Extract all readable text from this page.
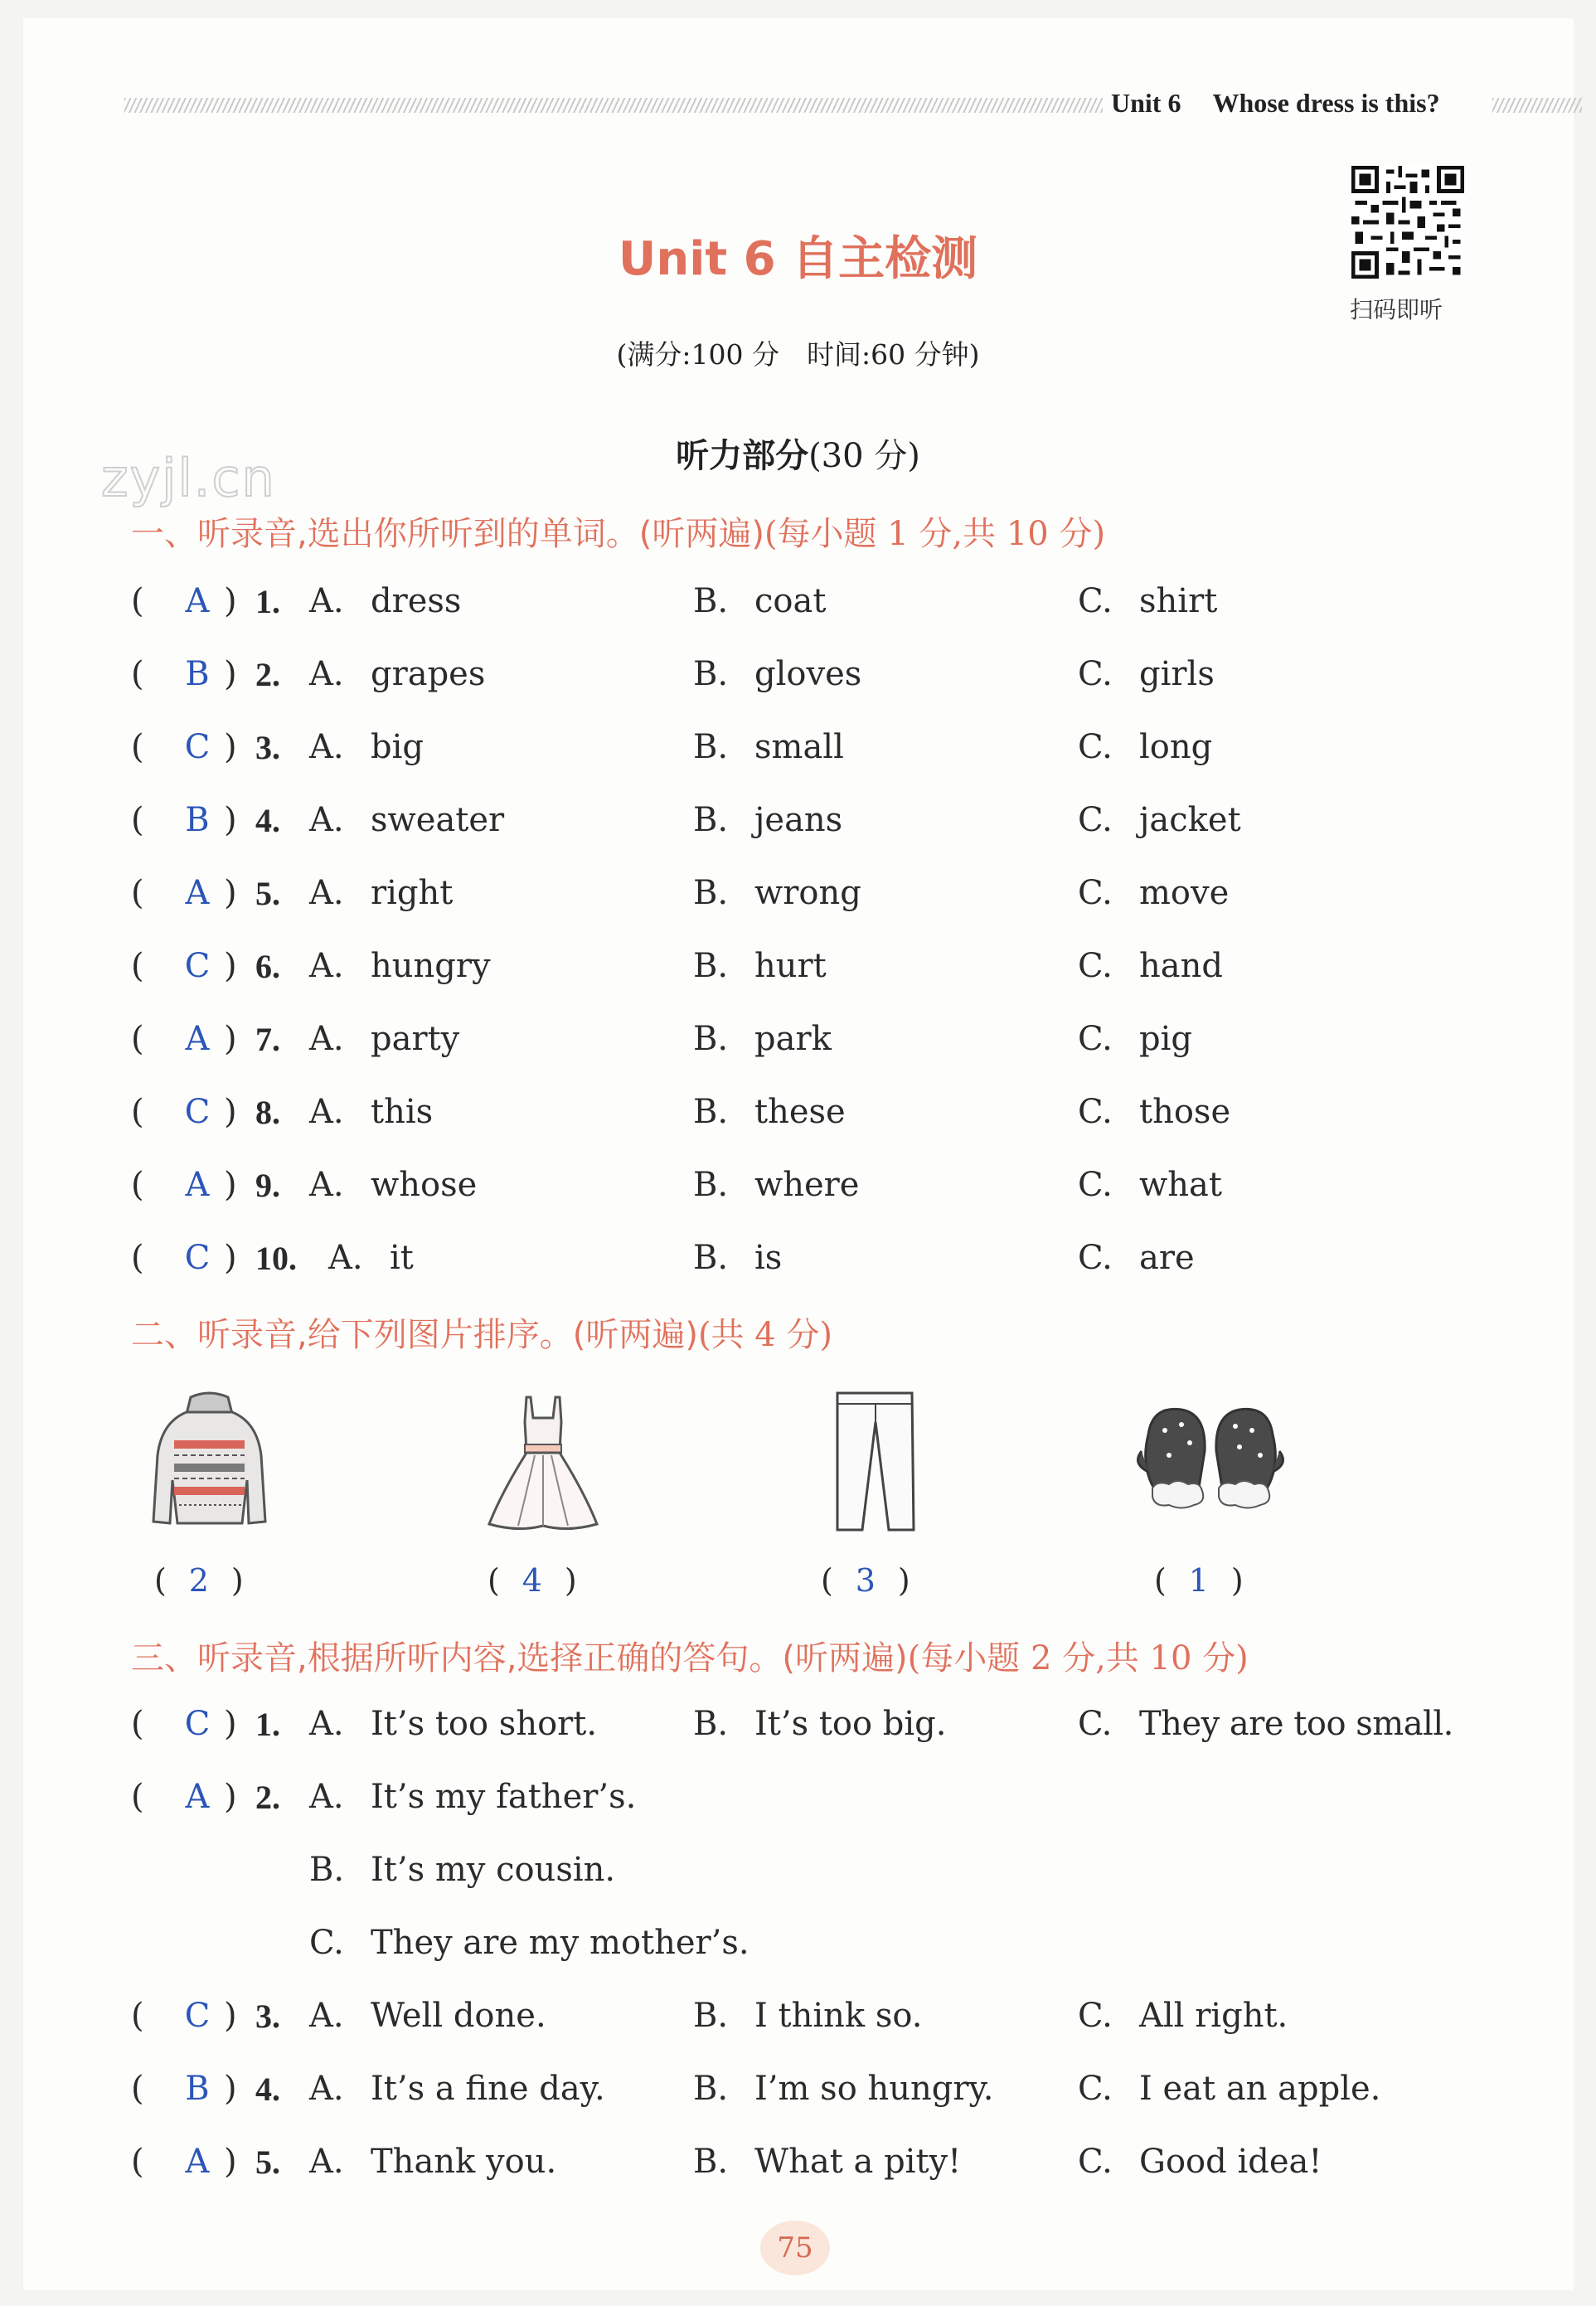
Unit 6 Whose dress is this?
Unit 6 自主检测
扫码即听
(满分:100 分　时间:60 分钟)
听力部分(30 分)
zyjl.cn
一、听录音,选出你所听到的单词。(听两遍)(每小题 1 分,共 10 分)
( A ) 1. A. dress	B. coat	C. shirt
( B ) 2. A. grapes	B. gloves	C. girls
( C ) 3. A. big	B. small	C. long
( B ) 4. A. sweater	B. jeans	C. jacket
( A ) 5. A. right	B. wrong	C. move
( C ) 6. A. hungry	B. hurt	C. hand
( A ) 7. A. party	B. park	C. pig
( C ) 8. A. this	B. these	C. those
( A ) 9. A. whose	B. where	C. what
( C ) 10. A. it	B. is	C. are
二、听录音,给下列图片排序。(听两遍)(共 4 分)
( 2 )	( 4 )	( 3 )	( 1 )
三、听录音,根据所听内容,选择正确的答句。(听两遍)(每小题 2 分,共 10 分)
( C ) 1. A. It’s too short.	B. It’s too big.	C. They are too small.
( A ) 2. A. It’s my father’s.
B. It’s my cousin.
C. They are my mother’s.
( C ) 3. A. Well done.	B. I think so.	C. All right.
( B ) 4. A. It’s a fine day.	B. I’m so hungry.	C. I eat an apple.
( A ) 5. A. Thank you.	B. What a pity!	C. Good idea!
75
